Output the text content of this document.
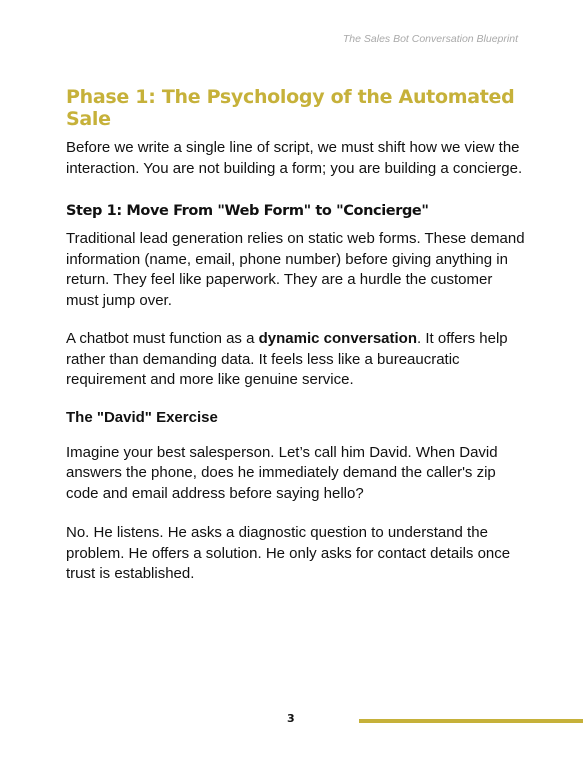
The Sales Bot Conversation Blueprint
Phase 1: The Psychology of the Automated Sale

Before we write a single line of script, we must shift how we view the interaction. You are not building a form; you are building a concierge.

Step 1: Move From "Web Form" to "Concierge"

Traditional lead generation relies on static web forms. These demand information (name, email, phone number) before giving anything in return. They feel like paperwork. They are a hurdle the customer must jump over.

A chatbot must function as a dynamic conversation. It offers help rather than demanding data. It feels less like a bureaucratic requirement and more like genuine service.

The "David" Exercise

Imagine your best salesperson. Let’s call him David. When David answers the phone, does he immediately demand the caller's zip code and email address before saying hello?

No. He listens. He asks a diagnostic question to understand the problem. He offers a solution. He only asks for contact details once trust is established.

3
